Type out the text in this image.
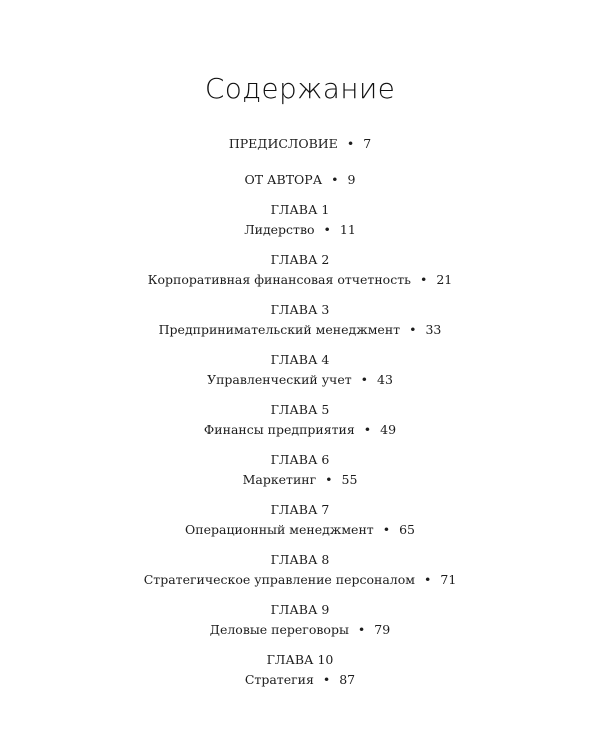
Содержание
ПРЕДИСЛОВИЕ • 7
ОТ АВТОРА • 9
ГЛАВА 1
Лидерство • 11
ГЛАВА 2
Корпоративная финансовая отчетность • 21
ГЛАВА 3
Предпринимательский менеджмент • 33
ГЛАВА 4
Управленческий учет • 43
ГЛАВА 5
Финансы предприятия • 49
ГЛАВА 6
Маркетинг • 55
ГЛАВА 7
Операционный менеджмент • 65
ГЛАВА 8
Стратегическое управление персоналом • 71
ГЛАВА 9
Деловые переговоры • 79
ГЛАВА 10
Стратегия • 87
